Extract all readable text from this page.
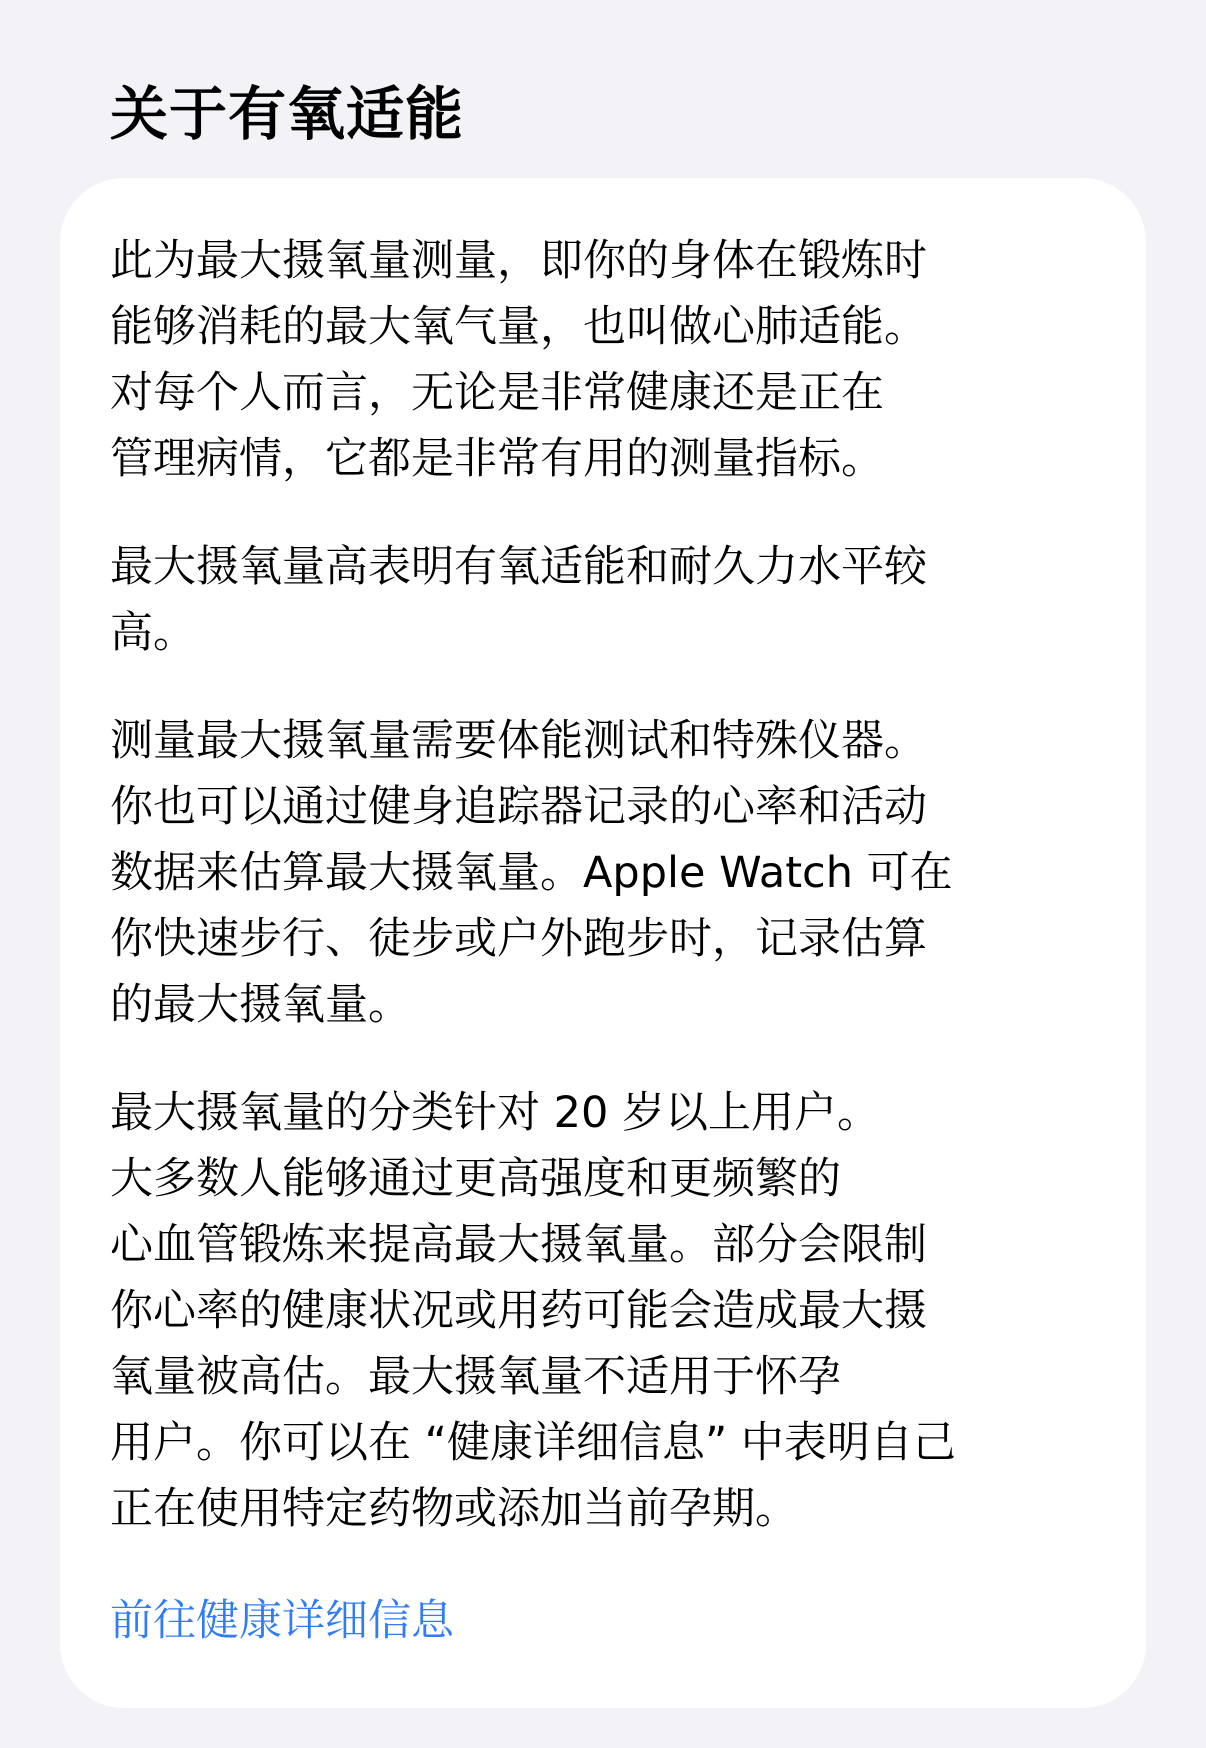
关于有氧适能

此为最大摄氧量测量，即你的身体在锻炼时
能够消耗的最大氧气量，也叫做心肺适能。
对每个人而言，无论是非常健康还是正在
管理病情，它都是非常有用的测量指标。

最大摄氧量高表明有氧适能和耐久力水平较
高。

测量最大摄氧量需要体能测试和特殊仪器。
你也可以通过健身追踪器记录的心率和活动
数据来估算最大摄氧量。Apple Watch 可在
你快速步行、徒步或户外跑步时，记录估算
的最大摄氧量。

最大摄氧量的分类针对 20 岁以上用户。
大多数人能够通过更高强度和更频繁的
心血管锻炼来提高最大摄氧量。部分会限制
你心率的健康状况或用药可能会造成最大摄
氧量被高估。最大摄氧量不适用于怀孕
用户。你可以在 “健康详细信息” 中表明自己
正在使用特定药物或添加当前孕期。

前往健康详细信息
